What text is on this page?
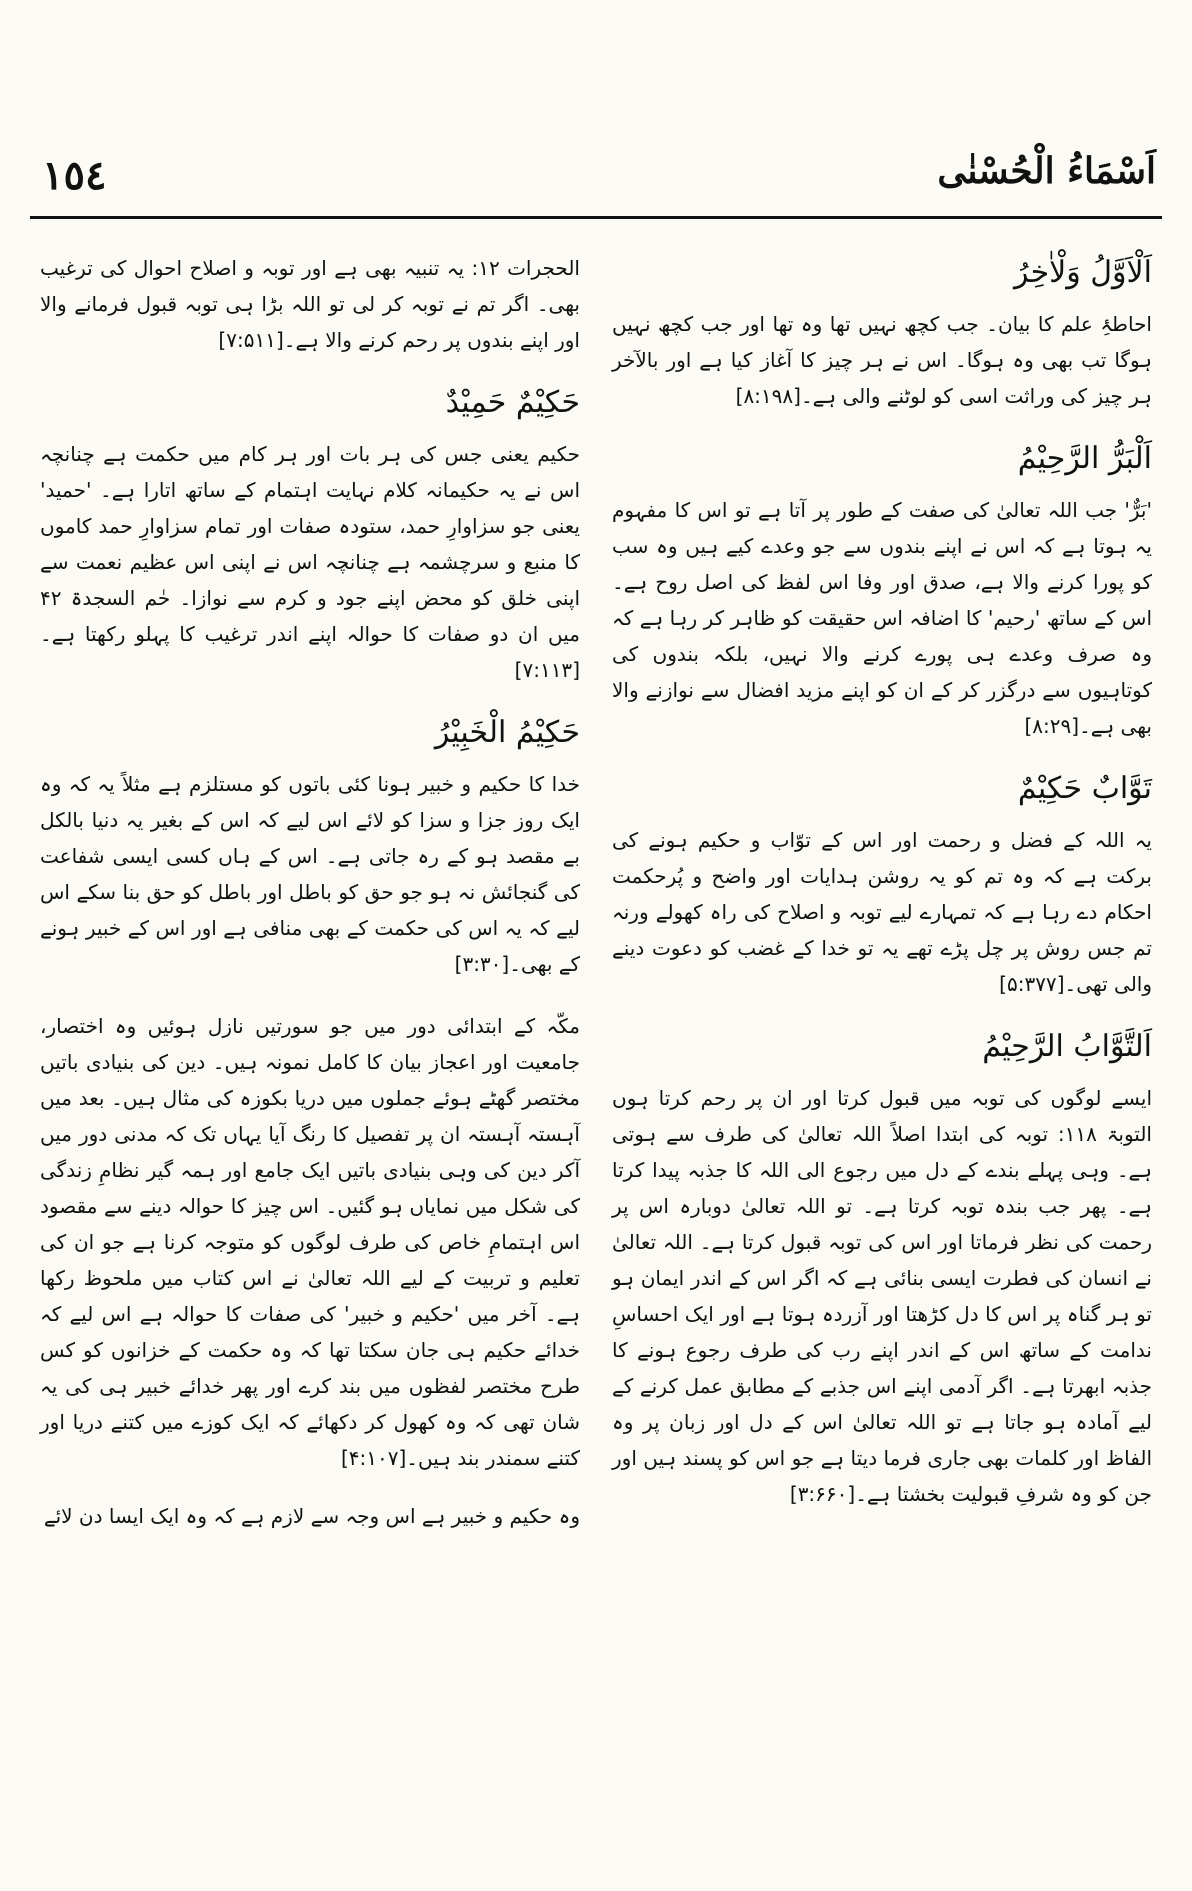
١٥٤	اَسْمَاءُ الْحُسْنٰی
اَلْاَوَّلُ وَلْاٰخِرُ

احاطۂِ علم کا بیان۔ جب کچھ نہیں تھا وہ تھا اور جب کچھ نہیں ہوگا تب بھی وہ ہوگا۔ اس نے ہر چیز کا آغاز کیا ہے اور بالآخر ہر چیز کی وراثت اسی کو لوٹنے والی ہے۔[۸:۱۹۸]

اَلْبَرُّ الرَّحِیْمُ

'بَرٌّ' جب اللہ تعالیٰ کی صفت کے طور پر آتا ہے تو اس کا مفہوم یہ ہوتا ہے کہ اس نے اپنے بندوں سے جو وعدے کیے ہیں وہ سب کو پورا کرنے والا ہے، صدق اور وفا اس لفظ کی اصل روح ہے۔ اس کے ساتھ 'رحیم' کا اضافہ اس حقیقت کو ظاہر کر رہا ہے کہ وہ صرف وعدے ہی پورے کرنے والا نہیں، بلکہ بندوں کی کوتاہیوں سے درگزر کر کے ان کو اپنے مزید افضال سے نوازنے والا بھی ہے۔[۸:۲۹]

تَوَّابٌ حَکِیْمٌ

یہ اللہ کے فضل و رحمت اور اس کے توّاب و حکیم ہونے کی برکت ہے کہ وہ تم کو یہ روشن ہدایات اور واضح و پُرحکمت احکام دے رہا ہے کہ تمہارے لیے توبہ و اصلاح کی راہ کھولے ورنہ تم جس روش پر چل پڑے تھے یہ تو خدا کے غضب کو دعوت دینے والی تھی۔[۵:۳۷۷]

اَلتَّوَّابُ الرَّحِیْمُ

ایسے لوگوں کی توبہ میں قبول کرتا اور ان پر رحم کرتا ہوں التوبۃ ۱۱۸: توبہ کی ابتدا اصلاً اللہ تعالیٰ کی طرف سے ہوتی ہے۔ وہی پہلے بندے کے دل میں رجوع الی اللہ کا جذبہ پیدا کرتا ہے۔ پھر جب بندہ توبہ کرتا ہے۔ تو اللہ تعالیٰ دوبارہ اس پر رحمت کی نظر فرماتا اور اس کی توبہ قبول کرتا ہے۔ اللہ تعالیٰ نے انسان کی فطرت ایسی بنائی ہے کہ اگر اس کے اندر ایمان ہو تو ہر گناہ پر اس کا دل کڑھتا اور آزردہ ہوتا ہے اور ایک احساسِ ندامت کے ساتھ اس کے اندر اپنے رب کی طرف رجوع ہونے کا جذبہ ابھرتا ہے۔ اگر آدمی اپنے اس جذبے کے مطابق عمل کرنے کے لیے آمادہ ہو جاتا ہے تو اللہ تعالیٰ اس کے دل اور زبان پر وہ الفاظ اور کلمات بھی جاری فرما دیتا ہے جو اس کو پسند ہیں اور جن کو وہ شرفِ قبولیت بخشتا ہے۔[۳:۶۶۰]

الحجرات ۱۲: یہ تنبیہ بھی ہے اور توبہ و اصلاح احوال کی ترغیب بھی۔ اگر تم نے توبہ کر لی تو اللہ بڑا ہی توبہ قبول فرمانے والا اور اپنے بندوں پر رحم کرنے والا ہے۔[۷:۵۱۱]

حَکِیْمٌ حَمِیْدٌ

حکیم یعنی جس کی ہر بات اور ہر کام میں حکمت ہے چنانچہ اس نے یہ حکیمانہ کلام نہایت اہتمام کے ساتھ اتارا ہے۔ 'حمید' یعنی جو سزاوارِ حمد، ستودہ صفات اور تمام سزاوارِ حمد کاموں کا منبع و سرچشمہ ہے چنانچہ اس نے اپنی اس عظیم نعمت سے اپنی خلق کو محض اپنے جود و کرم سے نوازا۔ حٰم السجدۃ ۴۲ میں ان دو صفات کا حوالہ اپنے اندر ترغیب کا پہلو رکھتا ہے۔[۷:۱۱۳]

حَکِیْمُ الْخَبِیْرُ

خدا کا حکیم و خبیر ہونا کئی باتوں کو مستلزم ہے مثلاً یہ کہ وہ ایک روز جزا و سزا کو لائے اس لیے کہ اس کے بغیر یہ دنیا بالکل بے مقصد ہو کے رہ جاتی ہے۔ اس کے ہاں کسی ایسی شفاعت کی گنجائش نہ ہو جو حق کو باطل اور باطل کو حق بنا سکے اس لیے کہ یہ اس کی حکمت کے بھی منافی ہے اور اس کے خبیر ہونے کے بھی۔[۳:۳۰]

مکّہ کے ابتدائی دور میں جو سورتیں نازل ہوئیں وہ اختصار، جامعیت اور اعجاز بیان کا کامل نمونہ ہیں۔ دین کی بنیادی باتیں مختصر گھٹے ہوئے جملوں میں دریا بکوزہ کی مثال ہیں۔ بعد میں آہستہ آہستہ ان پر تفصیل کا رنگ آیا یہاں تک کہ مدنی دور میں آکر دین کی وہی بنیادی باتیں ایک جامع اور ہمہ گیر نظامِ زندگی کی شکل میں نمایاں ہو گئیں۔ اس چیز کا حوالہ دینے سے مقصود اس اہتمامِ خاص کی طرف لوگوں کو متوجہ کرنا ہے جو ان کی تعلیم و تربیت کے لیے اللہ تعالیٰ نے اس کتاب میں ملحوظ رکھا ہے۔ آخر میں 'حکیم و خبیر' کی صفات کا حوالہ ہے اس لیے کہ خدائے حکیم ہی جان سکتا تھا کہ وہ حکمت کے خزانوں کو کس طرح مختصر لفظوں میں بند کرے اور پھر خدائے خبیر ہی کی یہ شان تھی کہ وہ کھول کر دکھائے کہ ایک کوزے میں کتنے دریا اور کتنے سمندر بند ہیں۔[۴:۱۰۷]

وہ حکیم و خبیر ہے اس وجہ سے لازم ہے کہ وہ ایک ایسا دن لائے
